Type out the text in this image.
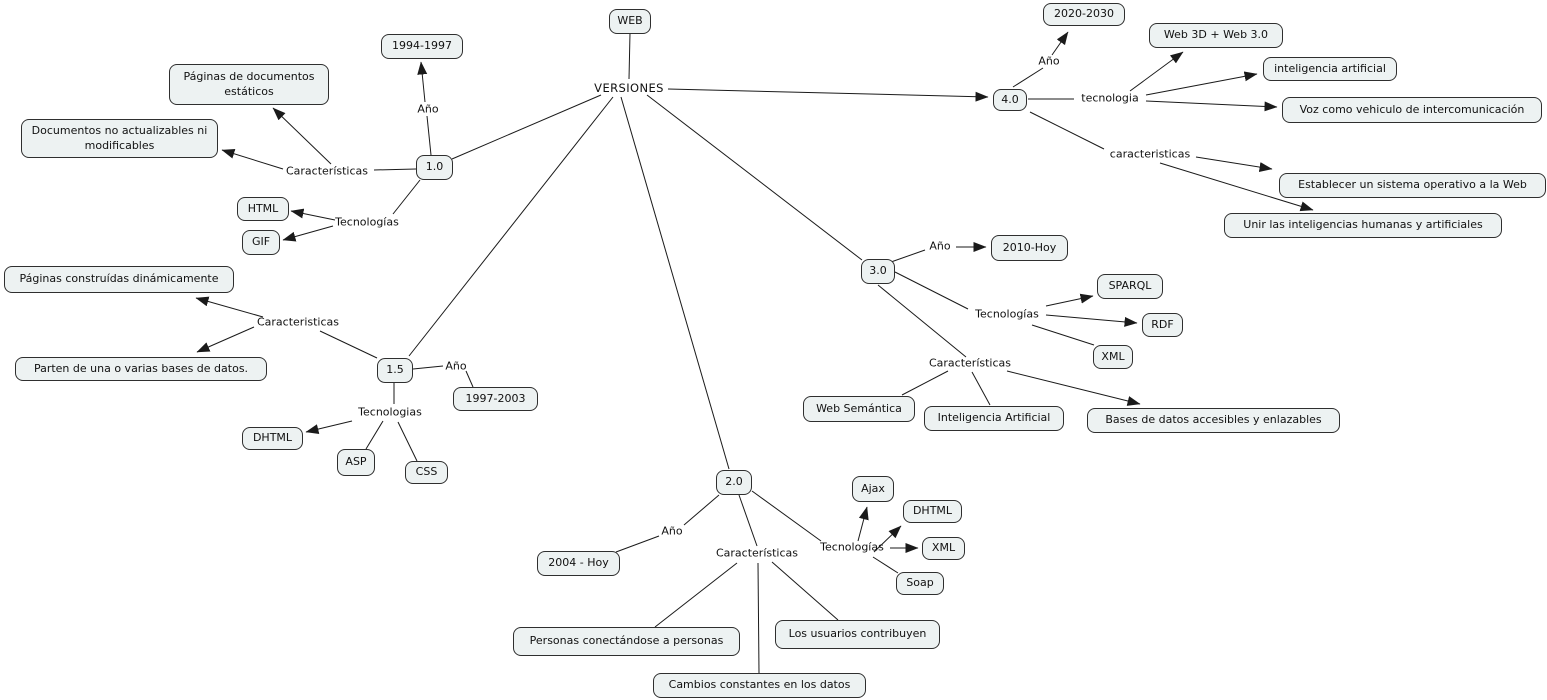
WEB
VERSIONES
1.0
Año
1994-1997
Características
Páginas de documentos estáticos
Documentos no actualizables ni modificables
Tecnologías
HTML
GIF
1.5
Caracteristicas
Páginas construídas dinámicamente
Parten de una o varias bases de datos.	Año
1997-2003
Tecnologias
DHTML
ASP
CSS
2.0
Año
2004 - Hoy
Características
Personas conectándose a personas
Cambios constantes en los datos
Los usuarios contribuyen
Tecnologías
Ajax
DHTML
XML
Soap
3.0
Año	2010-Hoy
Tecnologías
SPARQL
RDF
XML
Características
Web Semántica
Inteligencia Artificial	Bases de datos accesibles y enlazables
4.0
Año
2020-2030
tecnologia
Web 3D + Web 3.0
inteligencia artificial
Voz como vehiculo de intercomunicación
caracteristicas
Establecer un sistema operativo a la Web
Unir las inteligencias humanas y artificiales
